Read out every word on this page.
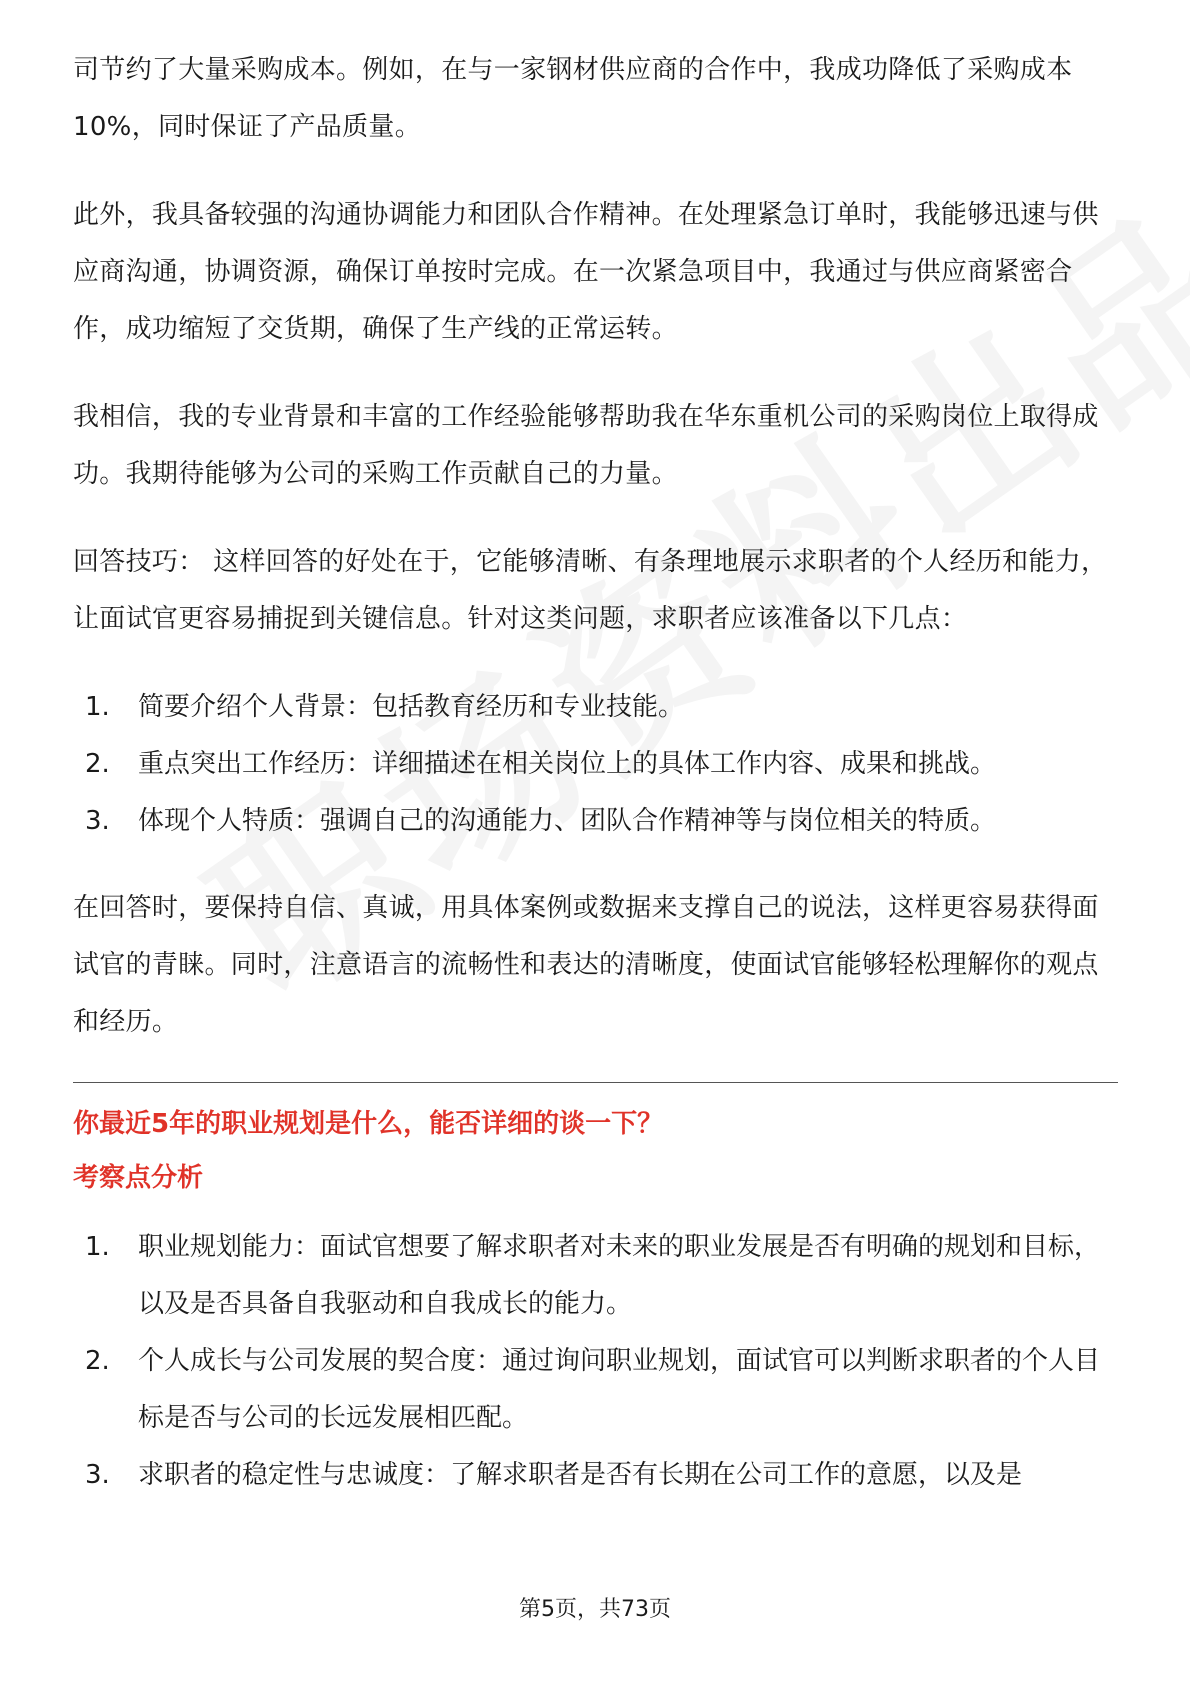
司节约了大量采购成本。例如，在与一家钢材供应商的合作中，我成功降低了采购成本10%，同时保证了产品质量。

此外，我具备较强的沟通协调能力和团队合作精神。在处理紧急订单时，我能够迅速与供应商沟通，协调资源，确保订单按时完成。在一次紧急项目中，我通过与供应商紧密合作，成功缩短了交货期，确保了生产线的正常运转。

我相信，我的专业背景和丰富的工作经验能够帮助我在华东重机公司的采购岗位上取得成功。我期待能够为公司的采购工作贡献自己的力量。

回答技巧： 这样回答的好处在于，它能够清晰、有条理地展示求职者的个人经历和能力，让面试官更容易捕捉到关键信息。针对这类问题，求职者应该准备以下几点：

1. 简要介绍个人背景：包括教育经历和专业技能。
2. 重点突出工作经历：详细描述在相关岗位上的具体工作内容、成果和挑战。
3. 体现个人特质：强调自己的沟通能力、团队合作精神等与岗位相关的特质。

在回答时，要保持自信、真诚，用具体案例或数据来支撑自己的说法，这样更容易获得面试官的青睐。同时，注意语言的流畅性和表达的清晰度，使面试官能够轻松理解你的观点和经历。

你最近5年的职业规划是什么，能否详细的谈一下？

考察点分析

1. 职业规划能力：面试官想要了解求职者对未来的职业发展是否有明确的规划和目标，以及是否具备自我驱动和自我成长的能力。
2. 个人成长与公司发展的契合度：通过询问职业规划，面试官可以判断求职者的个人目标是否与公司的长远发展相匹配。
3. 求职者的稳定性与忠诚度：了解求职者是否有长期在公司工作的意愿，以及是
第5页，共73页
